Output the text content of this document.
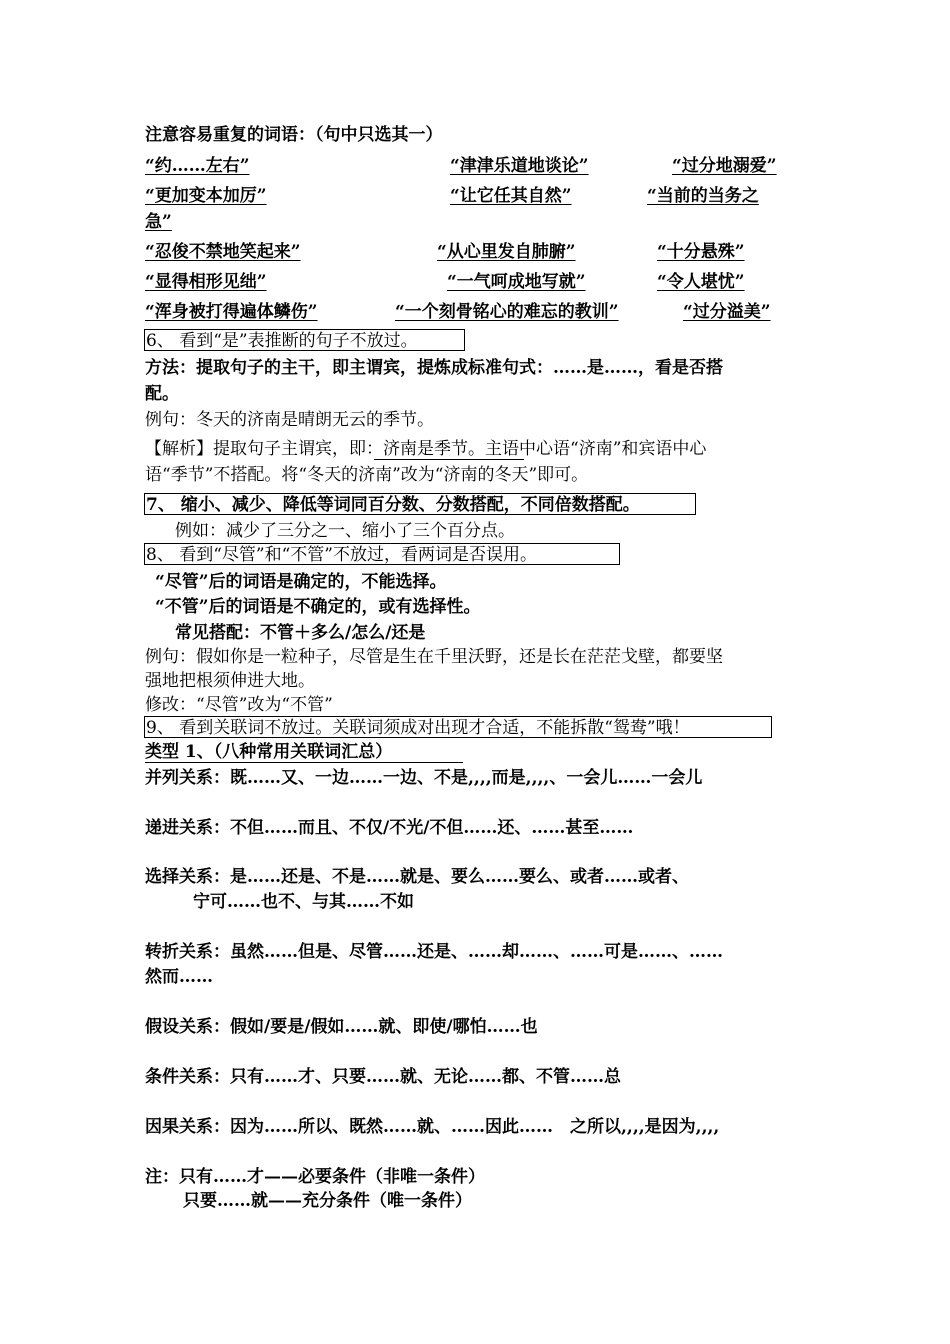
注意容易重复的词语：（句中只选其一）
“约……左右”	“津津乐道地谈论”	“过分地溺爱”
“更加变本加厉”	“让它任其自然”	“当前的当务之
急”
“忍俊不禁地笑起来”	“从心里发自肺腑”	“十分悬殊”
“显得相形见绌”	“一气呵成地写就”	“令人堪忧”
“浑身被打得遍体鳞伤”	“一个刻骨铭心的难忘的教训”	“过分溢美”
6、 看到“是”表推断的句子不放过。
方法：提取句子的主干，即主谓宾，提炼成标准句式：……是……，看是否搭
配。
例句：冬天的济南是晴朗无云的季节。
【解析】提取句子主谓宾，即：济南是季节。主语中心语“济南”和宾语中心
语“季节”不搭配。将“冬天的济南”改为“济南的冬天”即可。
7、 缩小、减少、降低等词同百分数、分数搭配，不同倍数搭配。
例如：减少了三分之一、缩小了三个百分点。
8、 看到“尽管”和“不管”不放过，看两词是否误用。
“尽管”后的词语是确定的，不能选择。
“不管”后的词语是不确定的，或有选择性。
常见搭配：不管＋多么/怎么/还是
例句：假如你是一粒种子，尽管是生在千里沃野，还是长在茫茫戈壁，都要坚
强地把根须伸进大地。
修改：“尽管”改为“不管”
9、 看到关联词不放过。关联词须成对出现才合适，不能拆散“鸳鸯”哦！
类型 1、（八种常用关联词汇总）
并列关系：既……又、一边……一边、不是,,,,而是,,,,、一会儿……一会儿
递进关系：不但……而且、不仅/不光/不但……还、……甚至……
选择关系：是……还是、不是……就是、要么……要么、或者……或者、
宁可……也不、与其……不如
转折关系：虽然……但是、尽管……还是、……却……、……可是……、……
然而……
假设关系：假如/要是/假如……就、即使/哪怕……也
条件关系：只有……才、只要……就、无论……都、不管……总
因果关系：因为……所以、既然……就、……因此……　之所以,,,,是因为,,,,
注：只有……才——必要条件（非唯一条件）
只要……就——充分条件（唯一条件）
